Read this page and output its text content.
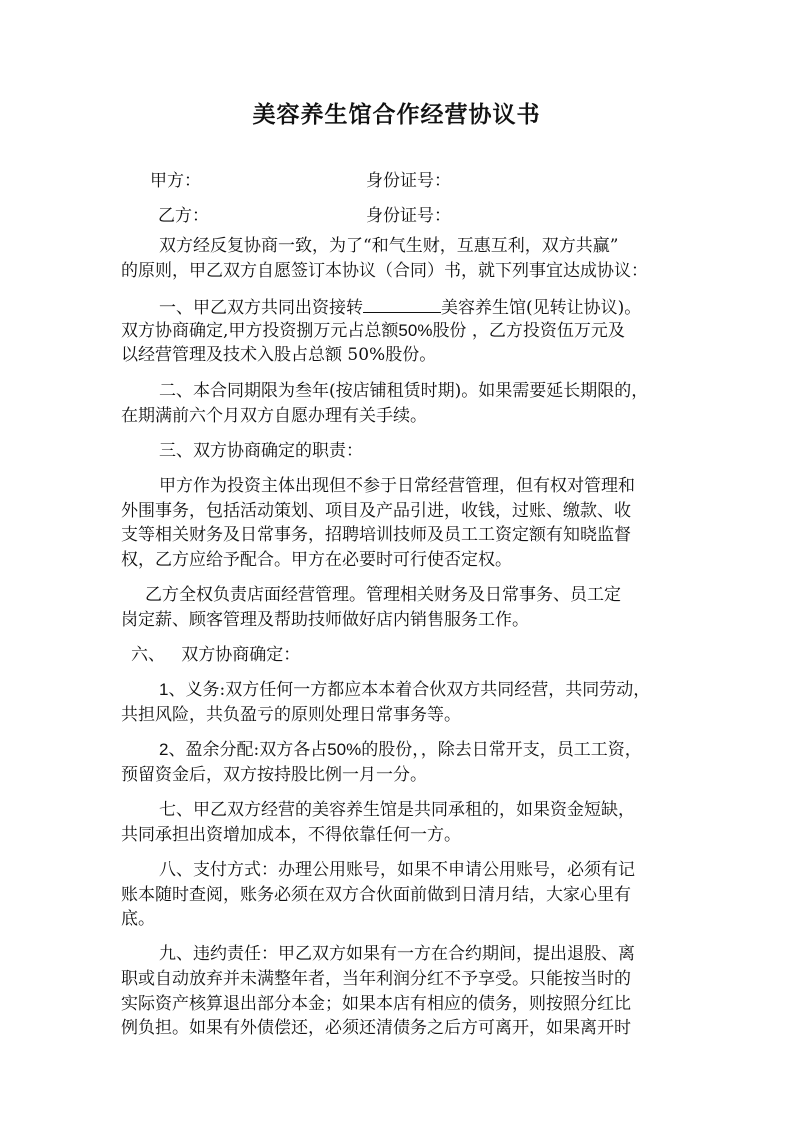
美容养生馆合作经营协议书
甲方：	身份证号：
乙方：	身份证号：
双方经反复协商一致，为了“和气生财，互惠互利，双方共赢”
的原则，甲乙双方自愿签订本协议（合同）书，就下列事宜达成协议：
一、甲乙双方共同出资接转	美容养生馆(见转让协议)。
双方协商确定,甲方投资捌万元占总额50%股份 ，乙方投资伍万元及
以经营管理及技术入股占总额 50%股份。
二、本合同期限为叁年(按店铺租赁时期)。如果需要延长期限的，
在期满前六个月双方自愿办理有关手续。
三、双方协商确定的职责：
甲方作为投资主体出现但不参于日常经营管理，但有权对管理和
外围事务，包括活动策划、项目及产品引进，收钱，过账、缴款、收
支等相关财务及日常事务，招聘培训技师及员工工资定额有知晓监督
权，乙方应给予配合。甲方在必要时可行使否定权。
乙方全权负责店面经营管理。管理相关财务及日常事务、员工定
岗定薪、顾客管理及帮助技师做好店内销售服务工作。
六、   双方协商确定：
1、义务:双方任何一方都应本本着合伙双方共同经营，共同劳动，
共担风险，共负盈亏的原则处理日常事务等。
2、盈余分配:双方各占50%的股份，，除去日常开支，员工工资，
预留资金后，双方按持股比例一月一分。
七、甲乙双方经营的美容养生馆是共同承租的，如果资金短缺，
共同承担出资增加成本，不得依靠任何一方。
八、支付方式：办理公用账号，如果不申请公用账号，必须有记
账本随时查阅，账务必须在双方合伙面前做到日清月结，大家心里有
底。
九、违约责任：甲乙双方如果有一方在合约期间，提出退股、离
职或自动放弃并未满整年者，当年利润分红不予享受。只能按当时的
实际资产核算退出部分本金；如果本店有相应的债务，则按照分红比
例负担。如果有外债偿还，必须还清债务之后方可离开，如果离开时
